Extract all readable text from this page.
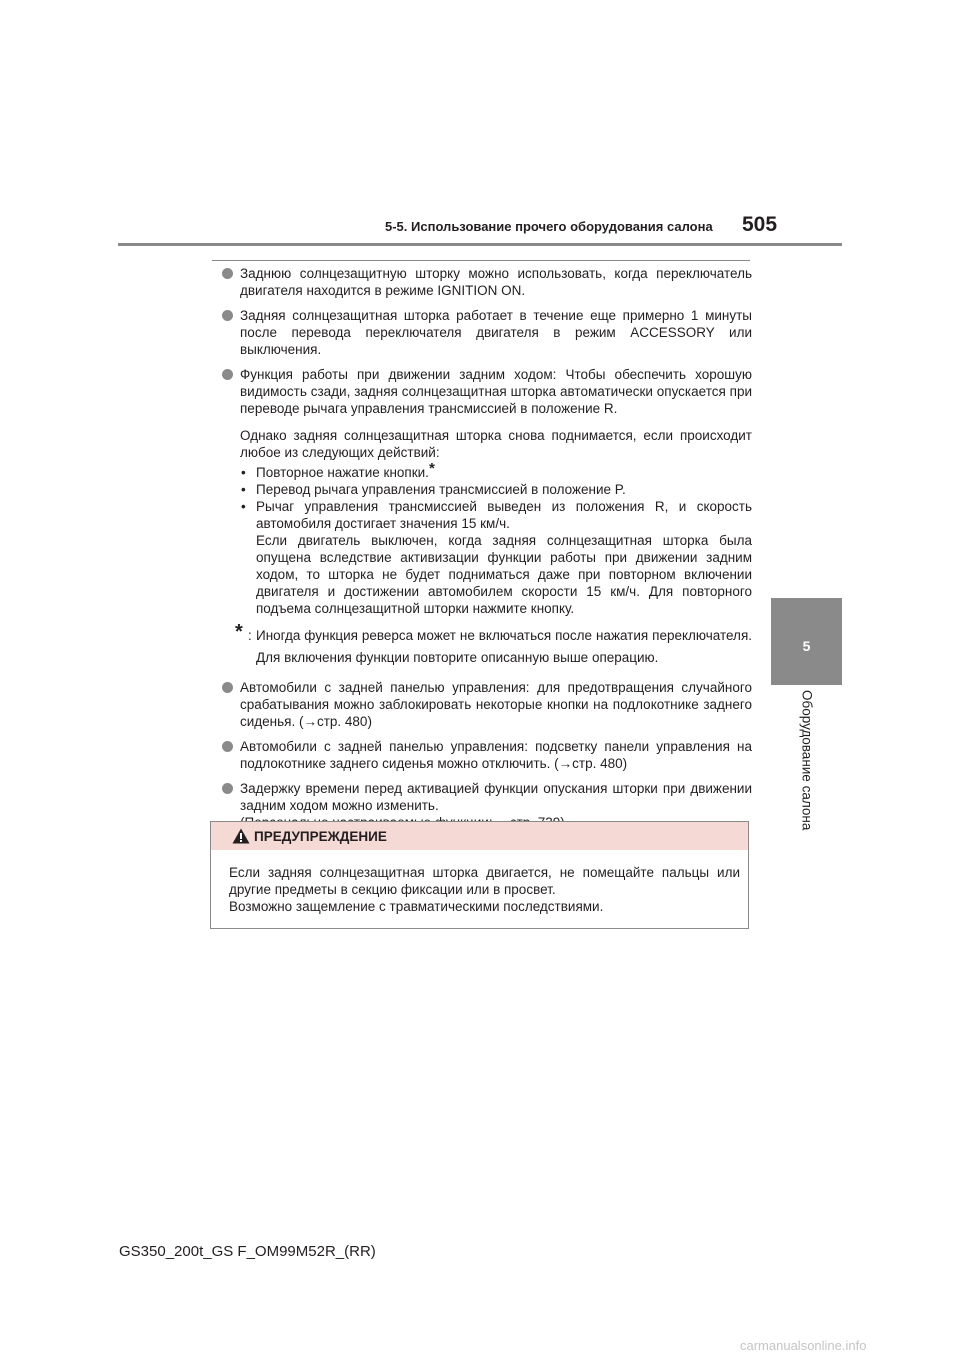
5-5. Использование прочего оборудования салона 505
5
Оборудование салона
Заднюю солнцезащитную шторку можно использовать, когда переключатель двигателя находится в режиме IGNITION ON.
Задняя солнцезащитная шторка работает в течение еще примерно 1 минуты после перевода переключателя двигателя в режим ACCESSORY или выключения.
Функция работы при движении задним ходом: Чтобы обеспечить хорошую видимость сзади, задняя солнцезащитная шторка автоматически опускается при переводе рычага управления трансмиссией в положение R.
Однако задняя солнцезащитная шторка снова поднимается, если происходит любое из следующих действий:
• Повторное нажатие кнопки.*
• Перевод рычага управления трансмиссией в положение P.
• Рычаг управления трансмиссией выведен из положения R, и скорость автомобиля достигает значения 15 км/ч.
Если двигатель выключен, когда задняя солнцезащитная шторка была опущена вследствие активизации функции работы при движении задним ходом, то шторка не будет подниматься даже при повторном включении двигателя и достижении автомобилем скорости 15 км/ч. Для повторного подъема солнцезащитной шторки нажмите кнопку.
* : Иногда функция реверса может не включаться после нажатия переключателя. Для включения функции повторите описанную выше операцию.
Автомобили с задней панелью управления: для предотвращения случайного срабатывания можно заблокировать некоторые кнопки на подлокотнике заднего сиденья. (→стр. 480)
Автомобили с задней панелью управления: подсветку панели управления на подлокотнике заднего сиденья можно отключить. (→стр. 480)
Задержку времени перед активацией функции опускания шторки при движении задним ходом можно изменить.

ПРЕДУПРЕЖДЕНИЕ
Если задняя солнцезащитная шторка двигается, не помещайте пальцы или другие предметы в секцию фиксации или в просвет.
Возможно защемление с травматическими последствиями.
GS350_200t_GS F_OM99M52R_(RR)
carmanualsonline.info
